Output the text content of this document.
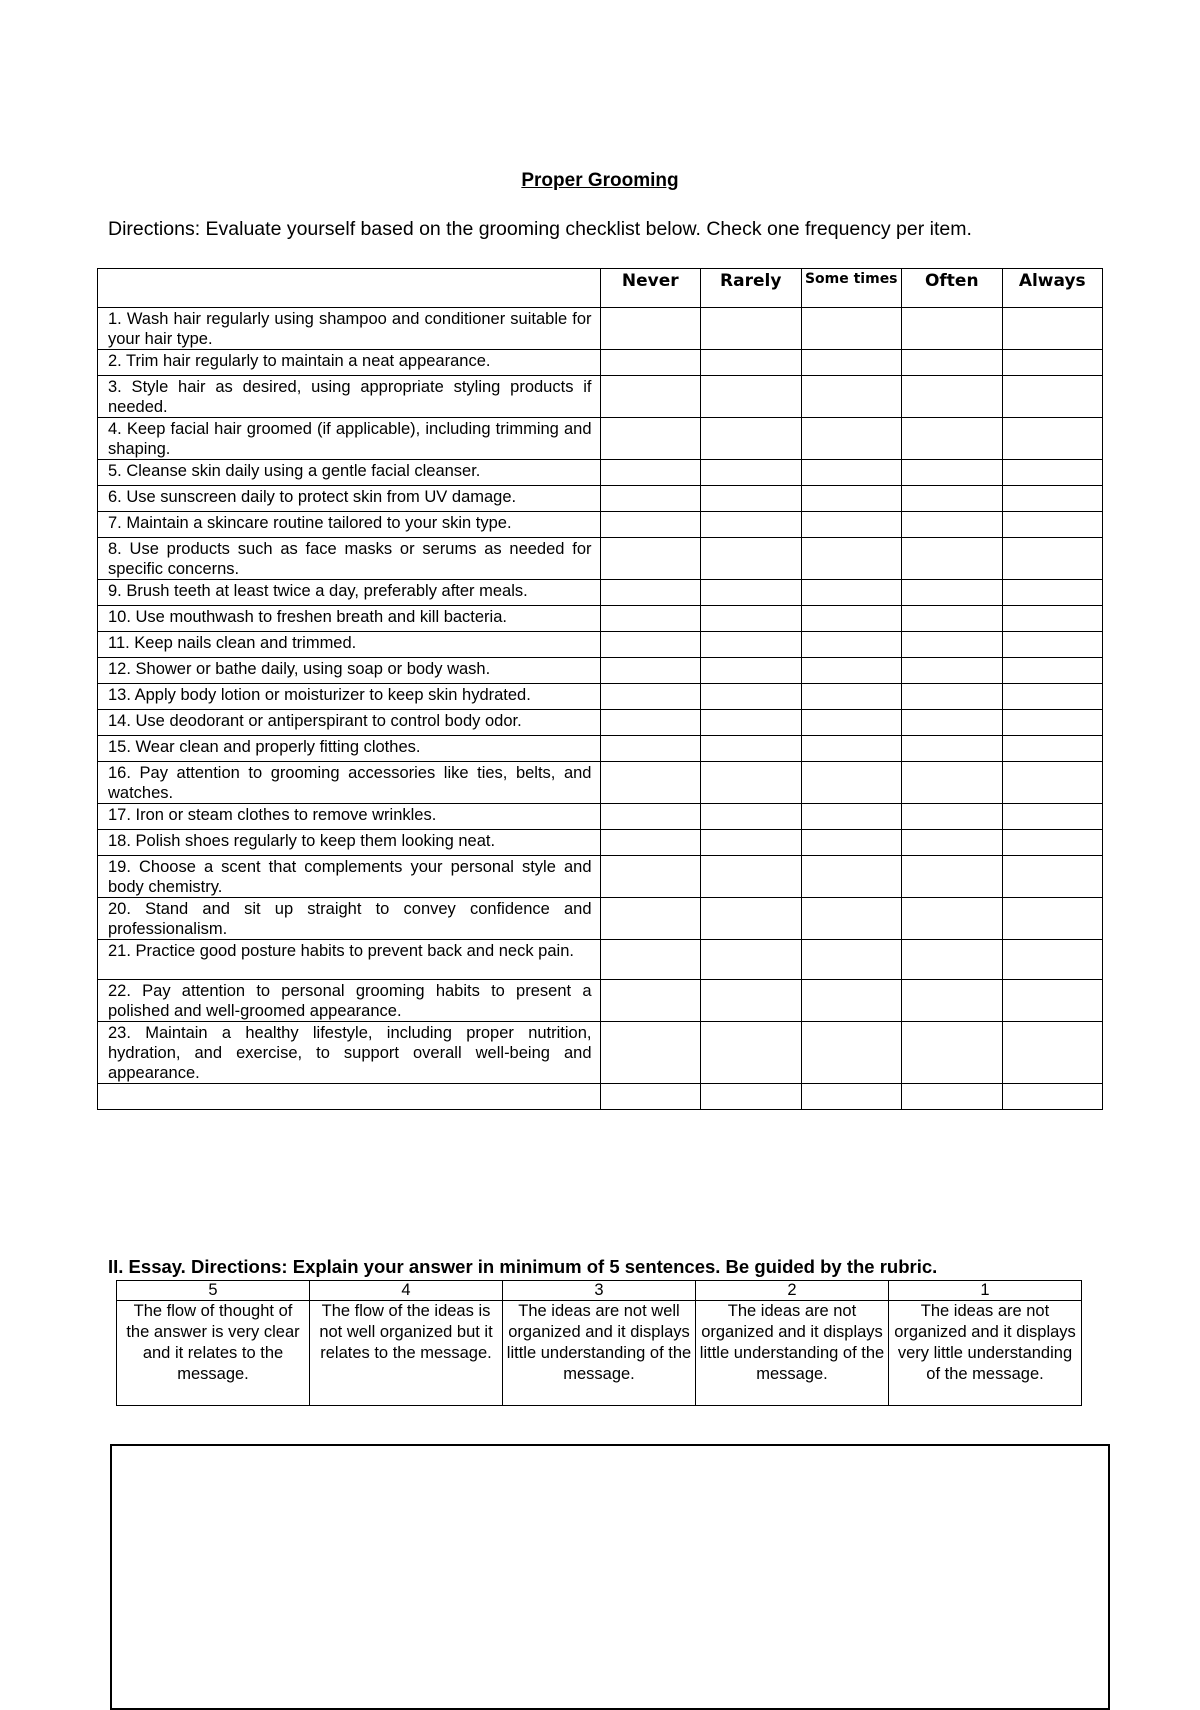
Proper Grooming
Directions: Evaluate yourself based on the grooming checklist below. Check one frequency per item.
	Never	Rarely	Some times	Often	Always
1. Wash hair regularly using shampoo and conditioner suitable for your hair type.					
2. Trim hair regularly to maintain a neat appearance.					
3. Style hair as desired, using appropriate styling products if needed.					
4. Keep facial hair groomed (if applicable), including trimming and shaping.					
5. Cleanse skin daily using a gentle facial cleanser.					
6. Use sunscreen daily to protect skin from UV damage.					
7. Maintain a skincare routine tailored to your skin type.					
8. Use products such as face masks or serums as needed for specific concerns.					
9. Brush teeth at least twice a day, preferably after meals.					
10. Use mouthwash to freshen breath and kill bacteria.					
11. Keep nails clean and trimmed.					
12. Shower or bathe daily, using soap or body wash.					
13. Apply body lotion or moisturizer to keep skin hydrated.					
14. Use deodorant or antiperspirant to control body odor.					
15. Wear clean and properly fitting clothes.					
16. Pay attention to grooming accessories like ties, belts, and watches.					
17. Iron or steam clothes to remove wrinkles.					
18. Polish shoes regularly to keep them looking neat.					
19. Choose a scent that complements your personal style and body chemistry.					
20. Stand and sit up straight to convey confidence and professionalism.					
21. Practice good posture habits to prevent back and neck pain.					
22. Pay attention to personal grooming habits to present a polished and well-groomed appearance.					
23. Maintain a healthy lifestyle, including proper nutrition, hydration, and exercise, to support overall well-being and appearance.					

II. Essay. Directions: Explain your answer in minimum of 5 sentences. Be guided by the rubric.
5	4	3	2	1
The flow of thought of the answer is very clear and it relates to the message.	The flow of the ideas is not well organized but it relates to the message.	The ideas are not well organized and it displays little understanding of the message.	The ideas are not organized and it displays little understanding of the message.	The ideas are not organized and it displays very little understanding of the message.
